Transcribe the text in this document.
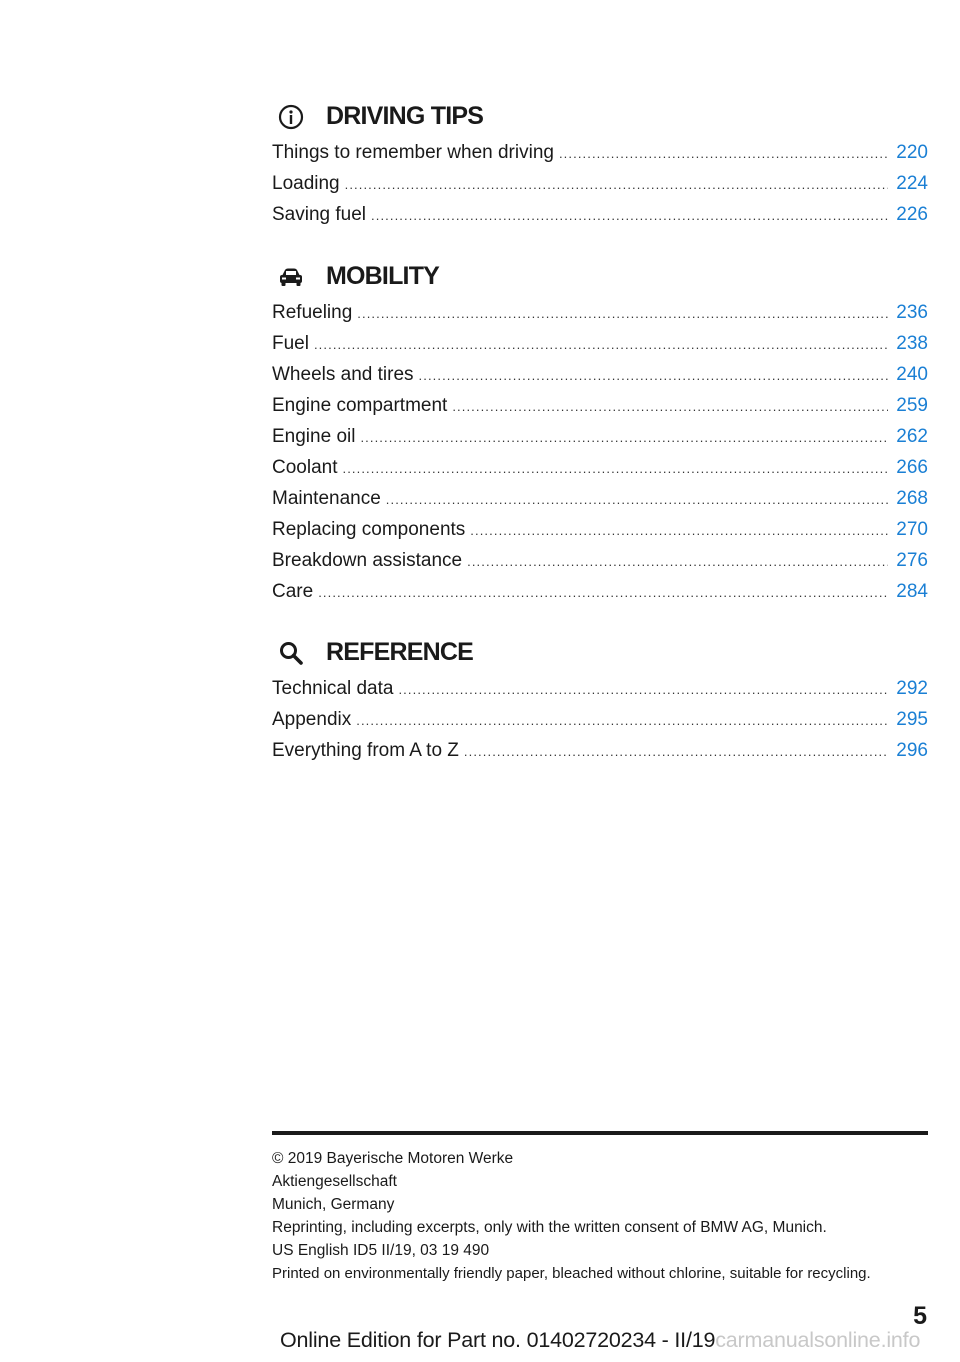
DRIVING TIPS
Things to remember when driving .....	220
Loading .....	224
Saving fuel .....	226
MOBILITY
Refueling .....	236
Fuel .....	238
Wheels and tires .....	240
Engine compartment .....	259
Engine oil .....	262
Coolant .....	266
Maintenance .....	268
Replacing components .....	270
Breakdown assistance .....	276
Care .....	284
REFERENCE
Technical data .....	292
Appendix .....	295
Everything from A to Z .....	296
© 2019 Bayerische Motoren Werke
Aktiengesellschaft
Munich, Germany
Reprinting, including excerpts, only with the written consent of BMW AG, Munich.
US English ID5 II/19, 03 19 490
Printed on environmentally friendly paper, bleached without chlorine, suitable for recycling.
5
Online Edition for Part no. 01402720234 - II/19carmanualsonline.info
